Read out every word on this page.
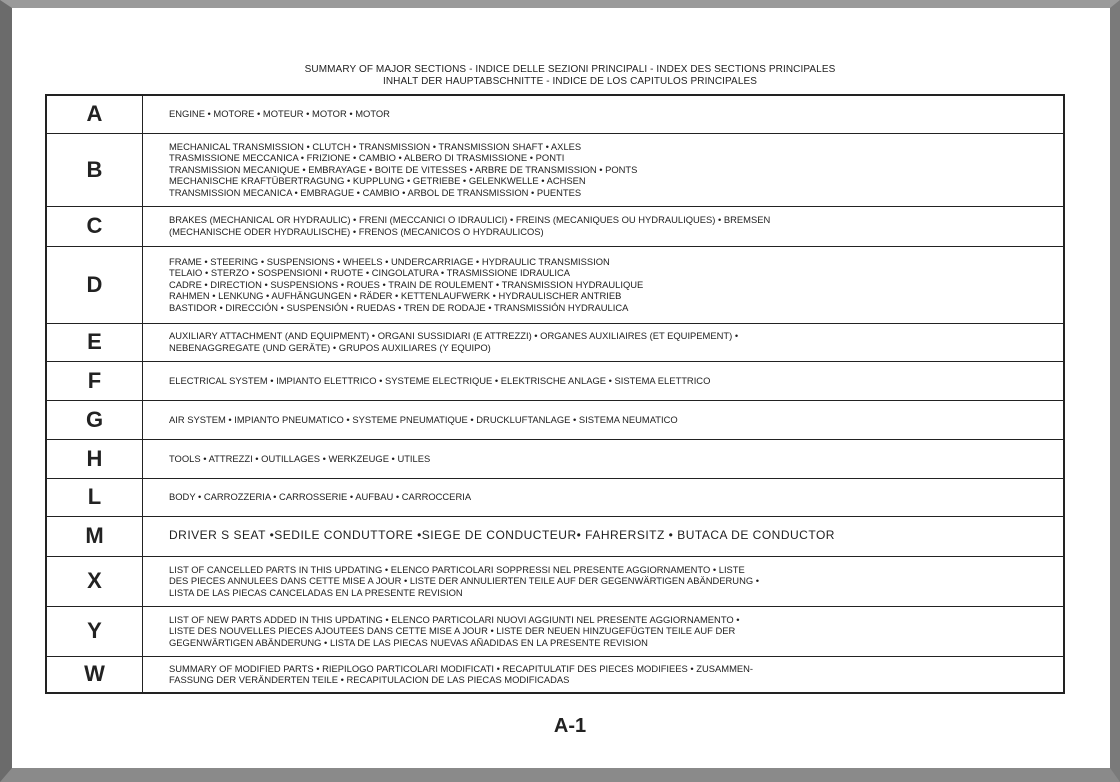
SUMMARY OF MAJOR SECTIONS - INDICE DELLE SEZIONI PRINCIPALI - INDEX DES SECTIONS PRINCIPALES
INHALT DER HAUPTABSCHNITTE - INDICE DE LOS CAPITULOS PRINCIPALES
A	ENGINE • MOTORE • MOTEUR • MOTOR • MOTOR

B	MECHANICAL TRANSMISSION • CLUTCH • TRANSMISSION • TRANSMISSION SHAFT • AXLES
TRASMISSIONE MECCANICA • FRIZIONE • CAMBIO • ALBERO DI TRASMISSIONE • PONTI
TRANSMISSION MECANIQUE • EMBRAYAGE • BOITE DE VITESSES • ARBRE DE TRANSMISSION • PONTS
MECHANISCHE KRAFTÜBERTRAGUNG • KUPPLUNG • GETRIEBE • GELENKWELLE • ACHSEN
TRANSMISSION MECANICA • EMBRAGUE • CAMBIO • ARBOL DE TRANSMISSION • PUENTES

C	BRAKES (MECHANICAL OR HYDRAULIC) • FRENI (MECCANICI O IDRAULICI) • FREINS (MECANIQUES OU HYDRAULIQUES) • BREMSEN
(MECHANISCHE ODER HYDRAULISCHE) • FRENOS (MECANICOS O HYDRAULICOS)

D	FRAME • STEERING • SUSPENSIONS • WHEELS • UNDERCARRIAGE • HYDRAULIC TRANSMISSION
TELAIO • STERZO • SOSPENSIONI • RUOTE • CINGOLATURA • TRASMISSIONE IDRAULICA
CADRE • DIRECTION • SUSPENSIONS • ROUES • TRAIN DE ROULEMENT • TRANSMISSION HYDRAULIQUE
RAHMEN • LENKUNG • AUFHÄNGUNGEN • RÄDER • KETTENLAUFWERK • HYDRAULISCHER ANTRIEB
BASTIDOR • DIRECCIÓN • SUSPENSIÓN • RUEDAS • TREN DE RODAJE • TRANSMISSIÓN HYDRAULICA

E	AUXILIARY ATTACHMENT (AND EQUIPMENT) • ORGANI SUSSIDIARI (E ATTREZZI) • ORGANES AUXILIAIRES (ET EQUIPEMENT) •
NEBENAGGREGATE (UND GERÄTE) • GRUPOS AUXILIARES (Y EQUIPO)

F	ELECTRICAL SYSTEM • IMPIANTO ELETTRICO • SYSTEME ELECTRIQUE • ELEKTRISCHE ANLAGE • SISTEMA ELETTRICO

G	AIR SYSTEM • IMPIANTO PNEUMATICO • SYSTEME PNEUMATIQUE • DRUCKLUFTANLAGE • SISTEMA NEUMATICO

H	TOOLS • ATTREZZI • OUTILLAGES • WERKZEUGE • UTILES

L	BODY • CARROZZERIA • CARROSSERIE • AUFBAU • CARROCCERIA

M	DRIVER S SEAT •SEDILE CONDUTTORE •SIEGE DE CONDUCTEUR• FAHRERSITZ • BUTACA DE CONDUCTOR

X	LIST OF CANCELLED PARTS IN THIS UPDATING • ELENCO PARTICOLARI SOPPRESSI NEL PRESENTE AGGIORNAMENTO • LISTE
DES PIECES ANNULEES DANS CETTE MISE A JOUR • LISTE DER ANNULIERTEN TEILE AUF DER GEGENWÄRTIGEN ABÄNDERUNG •
LISTA DE LAS PIECAS CANCELADAS EN LA PRESENTE REVISION

Y	LIST OF NEW PARTS ADDED IN THIS UPDATING • ELENCO PARTICOLARI NUOVI AGGIUNTI NEL PRESENTE AGGIORNAMENTO •
LISTE DES NOUVELLES PIECES AJOUTEES DANS CETTE MISE A JOUR • LISTE DER NEUEN HINZUGEFÜGTEN TEILE AUF DER
GEGENWÄRTIGEN ABÄNDERUNG • LISTA DE LAS PIECAS NUEVAS AÑADIDAS EN LA PRESENTE REVISION

W	SUMMARY OF MODIFIED PARTS • RIEPILOGO PARTICOLARI MODIFICATI • RECAPITULATIF DES PIECES MODIFIEES • ZUSAMMEN-
FASSUNG DER VERÄNDERTEN TEILE • RECAPITULACION DE LAS PIECAS MODIFICADAS
A-1
